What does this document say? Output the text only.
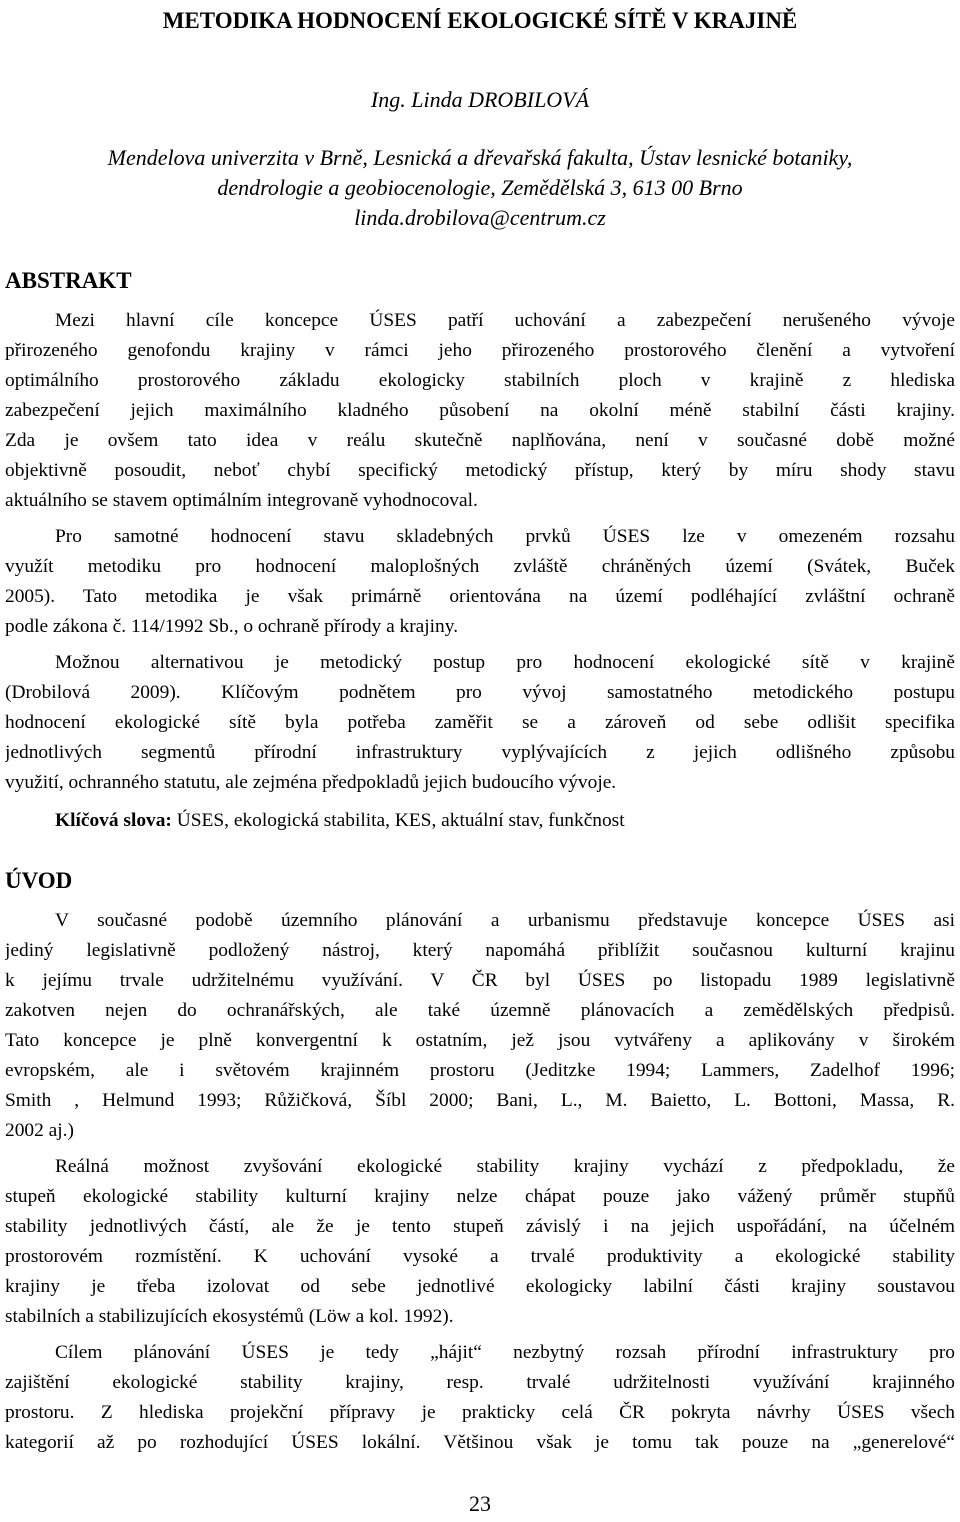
METODIKA HODNOCENÍ EKOLOGICKÉ SÍTĚ V KRAJINĚ
Ing. Linda DROBILOVÁ
Mendelova univerzita v Brně, Lesnická a dřevařská fakulta, Ústav lesnické botaniky,
dendrologie a geobiocenologie, Zemědělská 3, 613 00 Brno
linda.drobilova@centrum.cz
ABSTRAKT
Mezi hlavní cíle koncepce ÚSES patří uchování a zabezpečení nerušeného vývoje
přirozeného genofondu krajiny v rámci jeho přirozeného prostorového členění a vytvoření
optimálního prostorového základu ekologicky stabilních ploch v krajině z hlediska
zabezpečení jejich maximálního kladného působení na okolní méně stabilní části krajiny.
Zda je ovšem tato idea v reálu skutečně naplňována, není v současné době možné
objektivně posoudit, neboť chybí specifický metodický přístup, který by míru shody stavu
aktuálního se stavem optimálním integrovaně vyhodnocoval.
Pro samotné hodnocení stavu skladebných prvků ÚSES lze v omezeném rozsahu
využít metodiku pro hodnocení maloplošných zvláště chráněných území (Svátek, Buček
2005). Tato metodika je však primárně orientována na území podléhající zvláštní ochraně
podle zákona č. 114/1992 Sb., o ochraně přírody a krajiny.
Možnou alternativou je metodický postup pro hodnocení ekologické sítě v krajině
(Drobilová 2009). Klíčovým podnětem pro vývoj samostatného metodického postupu
hodnocení ekologické sítě byla potřeba zaměřit se a zároveň od sebe odlišit specifika
jednotlivých segmentů přírodní infrastruktury vyplývajících z jejich odlišného způsobu
využití, ochranného statutu, ale zejména předpokladů jejich budoucího vývoje.
Klíčová slova: ÚSES, ekologická stabilita, KES, aktuální stav, funkčnost
ÚVOD
V současné podobě územního plánování a urbanismu představuje koncepce ÚSES asi
jediný legislativně podložený nástroj, který napomáhá přiblížit současnou kulturní krajinu
k jejímu trvale udržitelnému využívání. V ČR byl ÚSES po listopadu 1989 legislativně
zakotven nejen do ochranářských, ale také územně plánovacích a zemědělských předpisů.
Tato koncepce je plně konvergentní k ostatním, jež jsou vytvářeny a aplikovány v širokém
evropském, ale i světovém krajinném prostoru (Jeditzke 1994; Lammers, Zadelhof 1996;
Smith , Helmund 1993; Růžičková, Šíbl 2000; Bani, L., M. Baietto, L. Bottoni, Massa, R.
2002 aj.)
Reálná možnost zvyšování ekologické stability krajiny vychází z předpokladu, že
stupeň ekologické stability kulturní krajiny nelze chápat pouze jako vážený průměr stupňů
stability jednotlivých částí, ale že je tento stupeň závislý i na jejich uspořádání, na účelném
prostorovém rozmístění. K uchování vysoké a trvalé produktivity a ekologické stability
krajiny je třeba izolovat od sebe jednotlivé ekologicky labilní části krajiny soustavou
stabilních a stabilizujících ekosystémů (Löw a kol. 1992).
Cílem plánování ÚSES je tedy „hájit“ nezbytný rozsah přírodní infrastruktury pro
zajištění ekologické stability krajiny, resp. trvalé udržitelnosti využívání krajinného
prostoru. Z hlediska projekční přípravy je prakticky celá ČR pokryta návrhy ÚSES všech
kategorií až po rozhodující ÚSES lokální. Většinou však je tomu tak pouze na „generelové“
23
